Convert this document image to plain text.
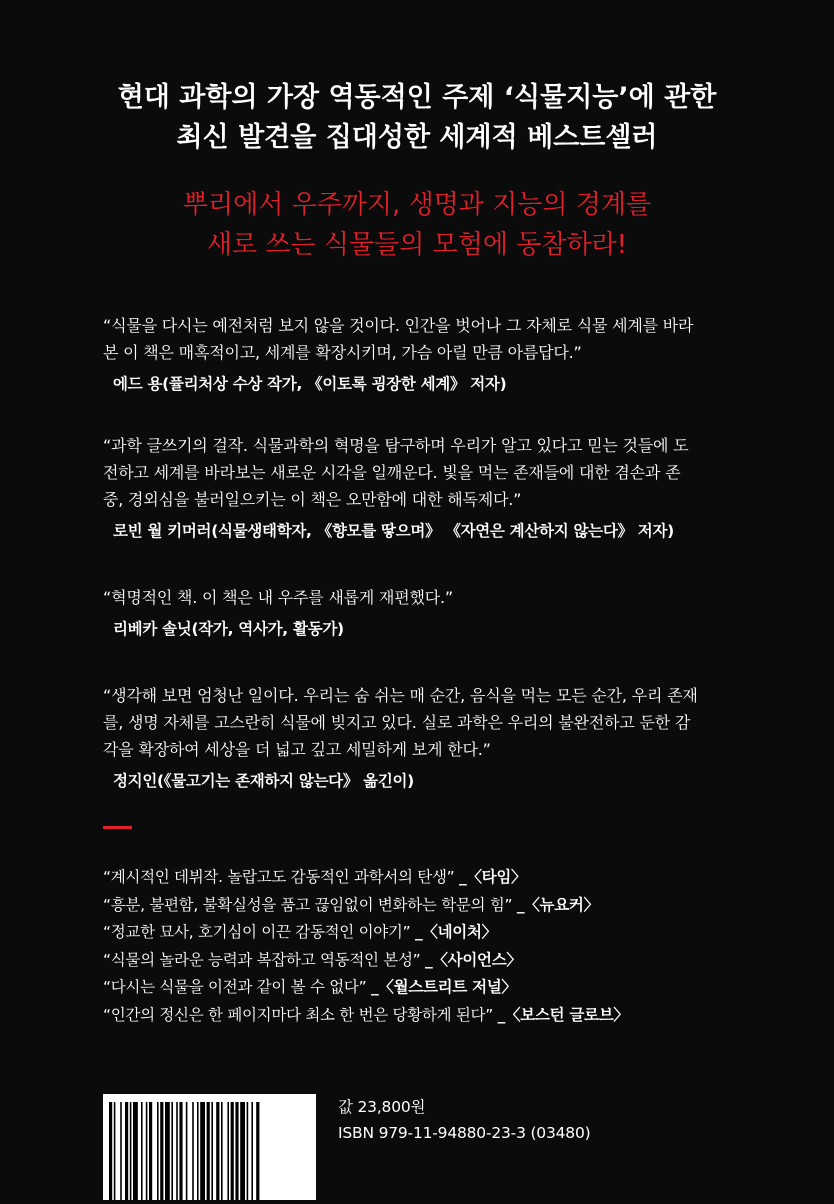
현대 과학의 가장 역동적인 주제 ‘식물지능’에 관한
최신 발견을 집대성한 세계적 베스트셀러
뿌리에서 우주까지, 생명과 지능의 경계를
새로 쓰는 식물들의 모험에 동참하라!

“식물을 다시는 예전처럼 보지 않을 것이다. 인간을 벗어나 그 자체로 식물 세계를 바라
본 이 책은 매혹적이고, 세계를 확장시키며, 가슴 아릴 만큼 아름답다.”

에드 용(퓰리처상 수상 작가, 《이토록 굉장한 세계》 저자)

“과학 글쓰기의 걸작. 식물과학의 혁명을 탐구하며 우리가 알고 있다고 믿는 것들에 도
전하고 세계를 바라보는 새로운 시각을 일깨운다. 빛을 먹는 존재들에 대한 겸손과 존
중, 경외심을 불러일으키는 이 책은 오만함에 대한 해독제다.”

로빈 월 키머러(식물생태학자, 《향모를 땋으며》 《자연은 계산하지 않는다》 저자)

“혁명적인 책. 이 책은 내 우주를 새롭게 재편했다.”

리베카 솔닛(작가, 역사가, 활동가)

“생각해 보면 엄청난 일이다. 우리는 숨 쉬는 매 순간, 음식을 먹는 모든 순간, 우리 존재
를, 생명 자체를 고스란히 식물에 빚지고 있다. 실로 과학은 우리의 불완전하고 둔한 감
각을 확장하여 세상을 더 넓고 깊고 세밀하게 보게 한다.”

정지인(《물고기는 존재하지 않는다》 옮긴이)

“계시적인 데뷔작. 놀랍고도 감동적인 과학서의 탄생” _〈타임〉
“흥분, 불편함, 불확실성을 품고 끊임없이 변화하는 학문의 힘” _〈뉴요커〉
“정교한 묘사, 호기심이 이끈 감동적인 이야기” _〈네이처〉
“식물의 놀라운 능력과 복잡하고 역동적인 본성” _〈사이언스〉
“다시는 식물을 이전과 같이 볼 수 없다” _〈월스트리트 저널〉
“인간의 정신은 한 페이지마다 최소 한 번은 당황하게 된다” _〈보스턴 글로브〉
값 23,800원
ISBN 979-11-94880-23-3 (03480)
